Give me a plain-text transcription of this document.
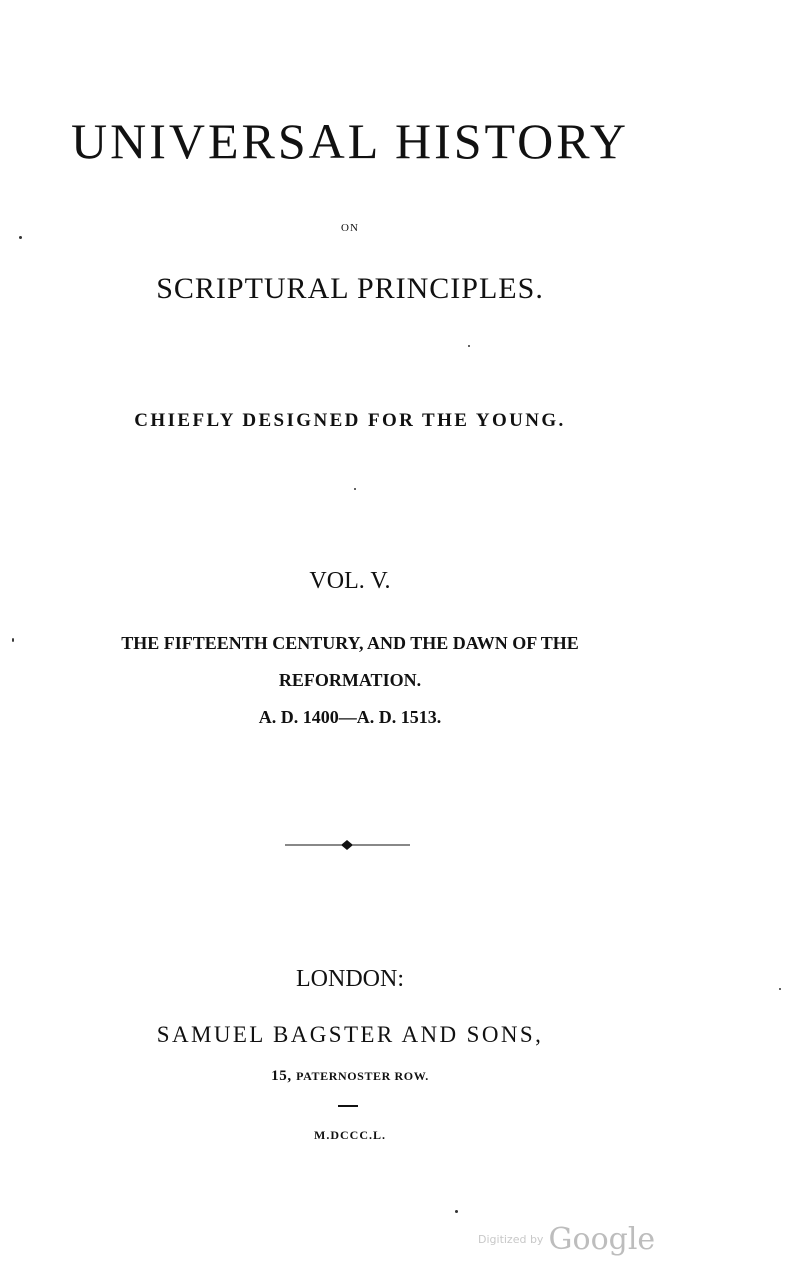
UNIVERSAL HISTORY
ON
SCRIPTURAL PRINCIPLES.
CHIEFLY DESIGNED FOR THE YOUNG.
VOL. V.
THE FIFTEENTH CENTURY, AND THE DAWN OF THE
REFORMATION.
A. D. 1400—A. D. 1513.
LONDON:
SAMUEL BAGSTER AND SONS,
15, PATERNOSTER ROW.
M.DCCC.L.
Digitized by Google
